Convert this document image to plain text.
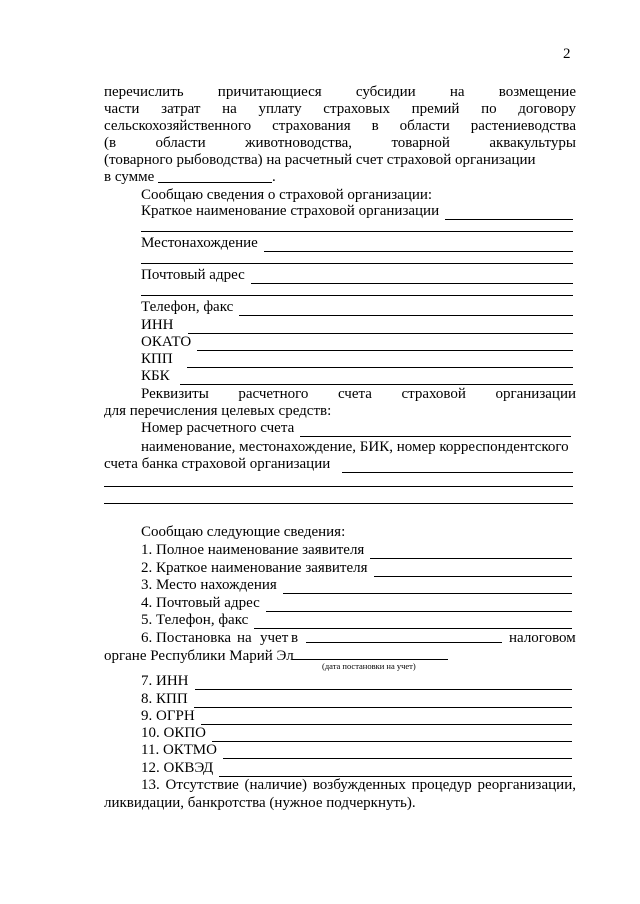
2
перечислить причитающиеся субсидии на возмещение
части затрат на уплату страховых премий по договору
сельскохозяйственного страхования в области растениеводства
(в	области	животноводства,	товарной	аквакультуры
(товарного рыбоводства) на расчетный счет страховой организации
в сумме	.
Сообщаю сведения о страховой организации:
Краткое наименование страховой организации
Местонахождение
Почтовый адрес
Телефон, факс
ИНН
ОКАТО
КПП
КБК
Реквизиты расчетного счета страховой организации
для перечисления целевых средств:
Номер расчетного счета
наименование, местонахождение, БИК, номер корреспондентского
счета банка страховой организации
Сообщаю следующие сведения:
1. Полное наименование заявителя
2. Краткое наименование заявителя
3. Место нахождения
4. Почтовый адрес
5. Телефон, факс
6. Постановка на учет в	налоговом
органе Республики Марий Эл
(дата постановки на учет)
7. ИНН
8. КПП
9. ОГРН
10. ОКПО
11. ОКТМО
12. ОКВЭД
13. Отсутствие (наличие) возбужденных процедур реорганизации,
ликвидации, банкротства (нужное подчеркнуть).
